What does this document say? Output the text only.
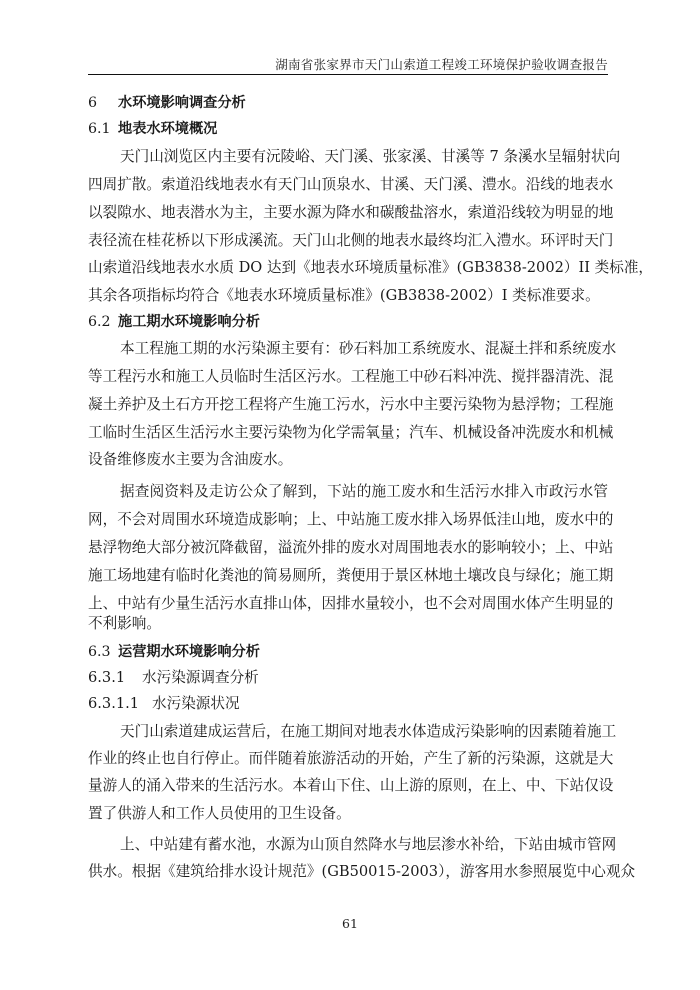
湖南省张家界市天门山索道工程竣工环境保护验收调查报告
6 水环境影响调查分析
6.1 地表水环境概况
天门山浏览区内主要有沅陵峪、天门溪、张家溪、甘溪等 7 条溪水呈辐射状向
四周扩散。索道沿线地表水有天门山顶泉水、甘溪、天门溪、澧水。沿线的地表水
以裂隙水、地表潜水为主，主要水源为降水和碳酸盐溶水，索道沿线较为明显的地
表径流在桂花桥以下形成溪流。天门山北侧的地表水最终均汇入澧水。环评时天门
山索道沿线地表水水质 DO 达到《地表水环境质量标准》(GB3838-2002）II 类标准，
其余各项指标均符合《地表水环境质量标准》(GB3838-2002）I 类标准要求。
6.2 施工期水环境影响分析
本工程施工期的水污染源主要有：砂石料加工系统废水、混凝土拌和系统废水
等工程污水和施工人员临时生活区污水。工程施工中砂石料冲洗、搅拌器清洗、混
凝土养护及土石方开挖工程将产生施工污水，污水中主要污染物为悬浮物；工程施
工临时生活区生活污水主要污染物为化学需氧量；汽车、机械设备冲洗废水和机械
设备维修废水主要为含油废水。
据查阅资料及走访公众了解到，下站的施工废水和生活污水排入市政污水管
网，不会对周围水环境造成影响；上、中站施工废水排入场界低洼山地，废水中的
悬浮物绝大部分被沉降截留，溢流外排的废水对周围地表水的影响较小；上、中站
施工场地建有临时化粪池的简易厕所，粪便用于景区林地土壤改良与绿化；施工期
上、中站有少量生活污水直排山体，因排水量较小，也不会对周围水体产生明显的
不利影响。
6.3 运营期水环境影响分析
6.3.1 水污染源调查分析
6.3.1.1 水污染源状况
天门山索道建成运营后，在施工期间对地表水体造成污染影响的因素随着施工
作业的终止也自行停止。而伴随着旅游活动的开始，产生了新的污染源，这就是大
量游人的涌入带来的生活污水。本着山下住、山上游的原则，在上、中、下站仅设
置了供游人和工作人员使用的卫生设备。
上、中站建有蓄水池，水源为山顶自然降水与地层渗水补给，下站由城市管网
供水。根据《建筑给排水设计规范》(GB50015-2003），游客用水参照展览中心观众
61
